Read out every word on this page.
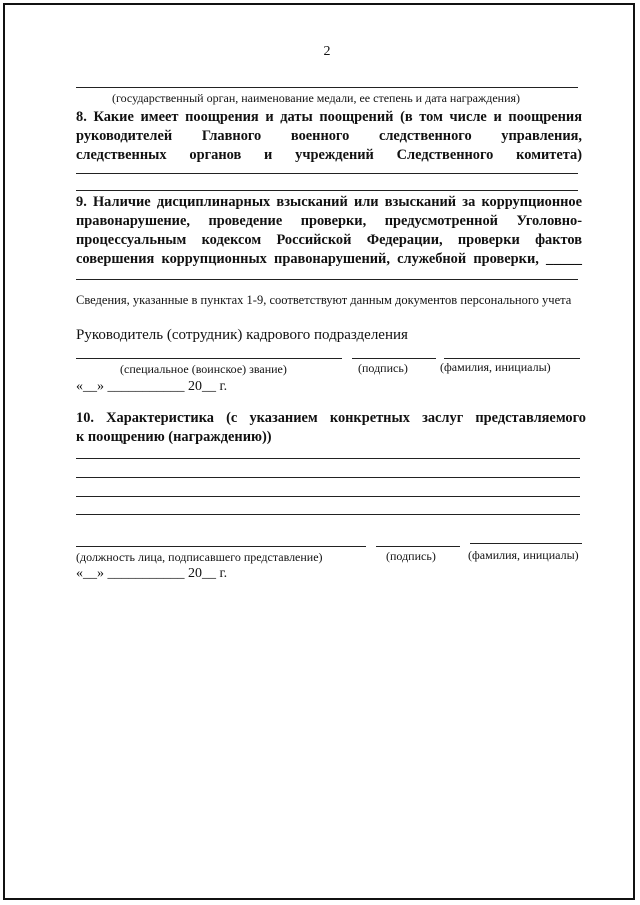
2
(государственный орган, наименование медали, ее степень и дата награждения)
8. Какие имеет поощрения и даты поощрений (в том числе и поощрения
руководителей Главного военного следственного управления,
следственных органов и учреждений Следственного комитета)
9. Наличие дисциплинарных взысканий или взысканий за коррупционное
правонарушение, проведение проверки, предусмотренной Уголовно-
процессуальным кодексом Российской Федерации, проверки фактов
совершения коррупционных правонарушений, служебной проверки, _____
Сведения, указанные в пунктах 1-9, соответствуют данным документов персонального учета
Руководитель (сотрудник) кадрового подразделения
(специальное (воинское) звание)	(подпись)	(фамилия, инициалы)
«__» ___________ 20__ г.
10. Характеристика (с указанием конкретных заслуг представляемого
к поощрению (награждению))
(должность лица, подписавшего представление)	(подпись)	(фамилия, инициалы)
«__» ___________ 20__ г.
